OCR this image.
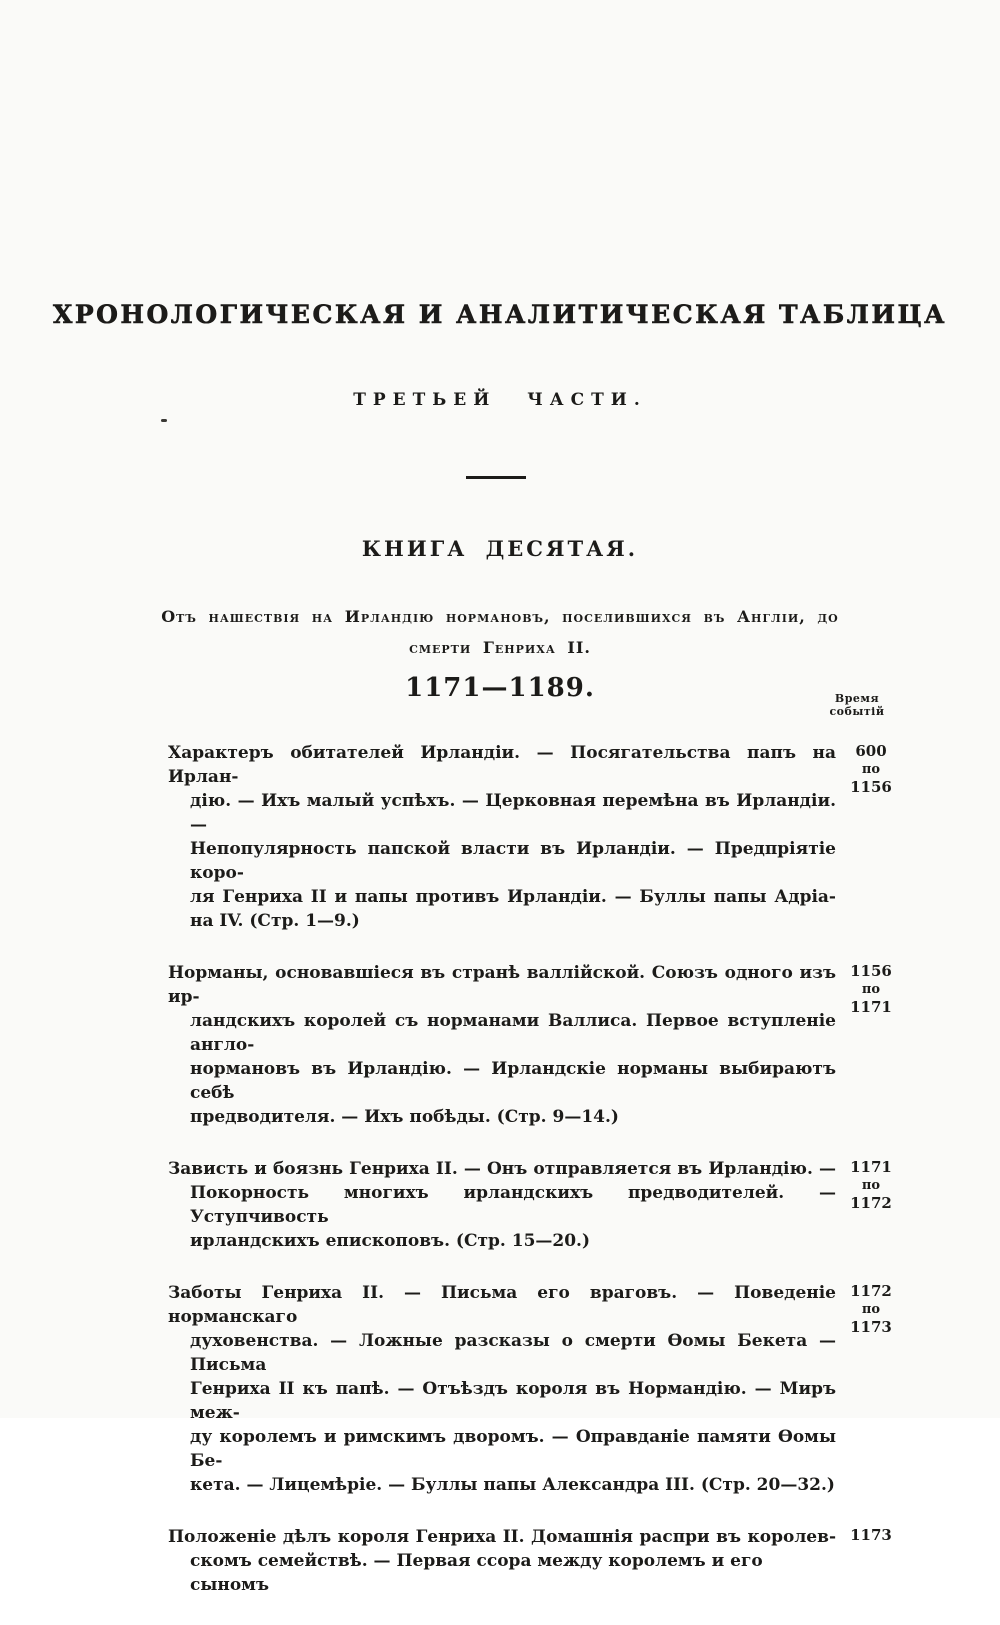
ХРОНОЛОГИЧЕСКАЯ И АНАЛИТИЧЕСКАЯ ТАБЛИЦА
ТРЕТЬЕЙ ЧАСТИ.
КНИГА ДЕСЯТАЯ.
Отъ нашествія на Ирландію нормановъ, поселившихся въ Англіи, до
смерти Генриха II.
1171—1189.	Время
событій
Характеръ обитателей Ирландіи. — Посягательства папъ на Ирлан-
дію. — Ихъ малый успѣхъ. — Церковная перемѣна въ Ирландіи. —
Непопулярность папской власти въ Ирландіи. — Предпріятіе коро-
ля Генриха II и папы противъ Ирландіи. — Буллы папы Адріа-
на IV. (Стр. 1—9.)
600
по
1156
Норманы, основавшіеся въ странѣ валлійской. Союзъ одного изъ ир-
ландскихъ королей съ норманами Валлиса. Первое вступленіе англо-
нормановъ въ Ирландію. — Ирландскіе норманы выбираютъ себѣ
предводителя. — Ихъ побѣды. (Стр. 9—14.)
1156
по
1171
Зависть и боязнь Генриха II. — Онъ отправляется въ Ирландію. —
Покорность многихъ ирландскихъ предводителей. — Уступчивость
ирландскихъ епископовъ. (Стр. 15—20.)
1171
по
1172
Заботы Генриха II. — Письма его враговъ. — Поведеніе норманскаго
духовенства. — Ложные разсказы о смерти Ѳомы Бекета — Письма
Генриха II къ папѣ. — Отъѣздъ короля въ Нормандію. — Миръ меж-
ду королемъ и римскимъ дворомъ. — Оправданіе памяти Ѳомы Бе-
кета. — Лицемѣріе. — Буллы папы Александра III. (Стр. 20—32.)
1172
по
1173
Положеніе дѣлъ короля Генриха II. Домашнія распри въ королев-
скомъ семействѣ. — Первая ссора между королемъ и его сыномъ
1173
